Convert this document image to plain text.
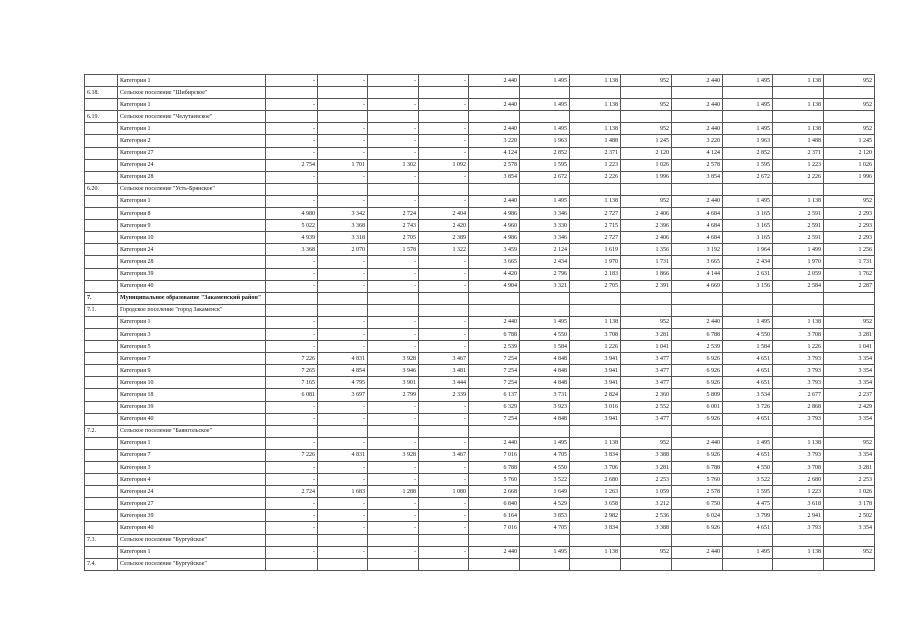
	Категория 1	-	-	-	-	2 440	1 495	1 138	952	2 440	1 495	1 138	952
6.18.	Сельское поселение "Шибирское"												
	Категория 1	-	-	-	-	2 440	1 495	1 138	952	2 440	1 495	1 138	952
6.19.	Сельское поселение "Челутаевское"												
	Категория 1	-	-	-	-	2 440	1 495	1 138	952	2 440	1 495	1 138	952
	Категория 2	-	-	-	-	3 220	1 963	1 488	1 245	3 220	1 963	1 488	1 245
	Категория 27	-	-	-	-	4 124	2 852	2 371	2 120	4 124	2 852	2 371	2 120
	Категория 24	2 754	1 701	1 302	1 092	2 578	1 595	1 223	1 026	2 578	1 595	1 223	1 026
	Категория 28	-	-	-	-	3 854	2 672	2 226	1 996	3 854	2 672	2 226	1 996
6.20.	Сельское поселение "Усть-Брянское"												
	Категория 1	-	-	-	-	2 440	1 495	1 138	952	2 440	1 495	1 138	952
	Категория 8	4 980	3 342	2 724	2 404	4 986	3 346	2 727	2 406	4 684	3 165	2 591	2 293
	Категория 9	5 022	3 368	2 743	2 420	4 960	3 330	2 715	2 396	4 684	3 165	2 591	2 293
	Категория 10	4 939	3 318	2 705	2 389	4 986	3 346	2 727	2 406	4 684	3 165	2 591	2 293
	Категория 24	3 368	2 070	1 578	1 322	3 459	2 124	1 619	1 356	3 192	1 964	1 499	1 256
	Категория 28	-	-	-	-	3 665	2 434	1 970	1 731	3 665	2 434	1 970	1 731
	Категория 39	-	-	-	-	4 420	2 796	2 183	1 866	4 144	2 631	2 059	1 762
	Категория 40	-	-	-	-	4 904	3 321	2 705	2 391	4 669	3 156	2 584	2 287
7.	Муниципальное образование "Закаменский район"												
7.1.	Городское поселение "город Закаменск"												
	Категория 1	-	-	-	-	2 440	1 495	1 138	952	2 440	1 495	1 138	952
	Категория 3	-	-	-	-	6 788	4 550	3 708	3 281	6 788	4 550	3 708	3 281
	Категория 5	-	-	-	-	2 539	1 584	1 226	1 041	2 539	1 584	1 226	1 041
	Категория 7	7 226	4 831	3 928	3 467	7 254	4 848	3 941	3 477	6 926	4 651	3 793	3 354
	Категория 9	7 265	4 854	3 946	3 481	7 254	4 848	3 941	3 477	6 926	4 651	3 793	3 354
	Категория 10	7 165	4 795	3 901	3 444	7 254	4 848	3 941	3 477	6 926	4 651	3 793	3 354
	Категория 18	6 081	3 697	2 799	2 339	6 137	3 731	2 824	2 360	5 809	3 534	2 677	2 237
	Категория 39	-	-	-	-	6 329	3 923	3 016	2 552	6 001	3 726	2 868	2 429
	Категория 40	-	-	-	-	7 254	4 848	3 941	3 477	6 926	4 651	3 793	3 354
7.2.	Сельское поселение "Баянгольское"												
	Категория 1	-	-	-	-	2 440	1 495	1 138	952	2 440	1 495	1 138	952
	Категория 7	7 226	4 831	3 928	3 467	7 016	4 705	3 834	3 388	6 926	4 651	3 793	3 354
	Категория 3	-	-	-	-	6 788	4 550	3 706	3 281	6 788	4 550	3 708	3 281
	Категория 4	-	-	-	-	5 760	3 522	2 680	2 253	5 760	3 522	2 680	2 253
	Категория 24	2 724	1 683	1 288	1 080	2 668	1 649	1 263	1 059	2 578	1 595	1 223	1 026
	Категория 27	-	-	-	-	6 840	4 529	3 658	3 212	6 750	4 475	3 618	3 178
	Категория 39	-	-	-	-	6 164	3 853	2 982	2 536	6 024	3 799	2 941	2 502
	Категория 40	-	-	-	-	7 016	4 705	3 834	3 388	6 926	4 651	3 793	3 354
7.3.	Сельское поселение "Бургуйское"												
	Категория 1	-	-	-	-	2 440	1 495	1 138	952	2 440	1 495	1 138	952
7.4.	Сельское поселение "Бургуйское"												
